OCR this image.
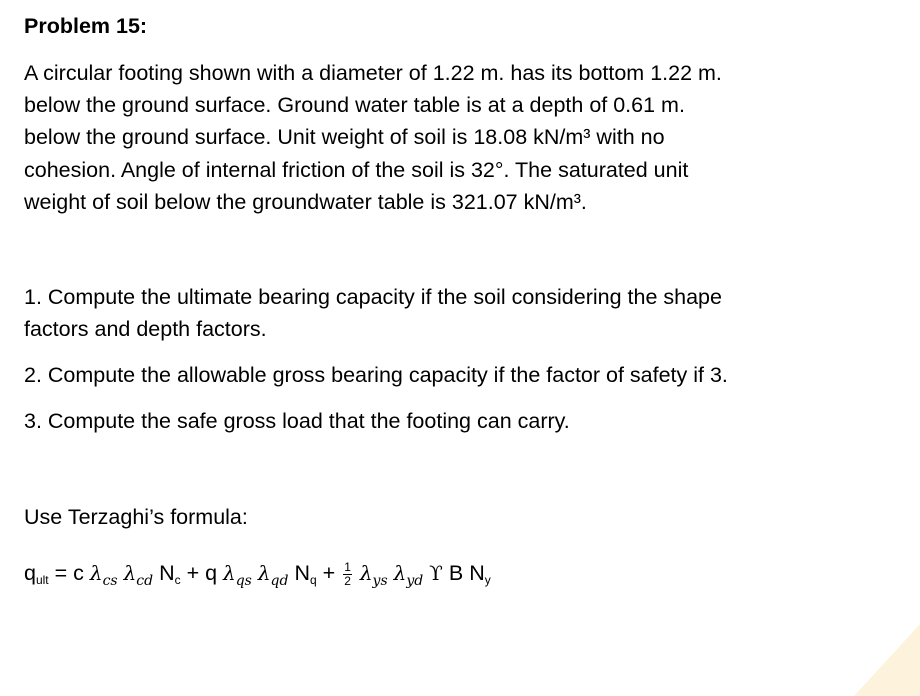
Problem 15:
A circular footing shown with a diameter of 1.22 m. has its bottom 1.22 m.
below the ground surface. Ground water table is at a depth of 0.61 m.
below the ground surface. Unit weight of soil is 18.08 kN/m³ with no
cohesion. Angle of internal friction of the soil is 32°. The saturated unit
weight of soil below the groundwater table is 321.07 kN/m³.
1. Compute the ultimate bearing capacity if the soil considering the shape
factors and depth factors.
2. Compute the allowable gross bearing capacity if the factor of safety if 3.
3. Compute the safe gross load that the footing can carry.
Use Terzaghi’s formula:
qult = c $\lambda_{cs}$ $\lambda_{cd}$ Nc + q $\lambda_{qs}$ $\lambda_{qd}$ $Nq + \frac{1}{2} \lambda_{ys}$ $\lambda_{yd}$ ϒ B Ny
